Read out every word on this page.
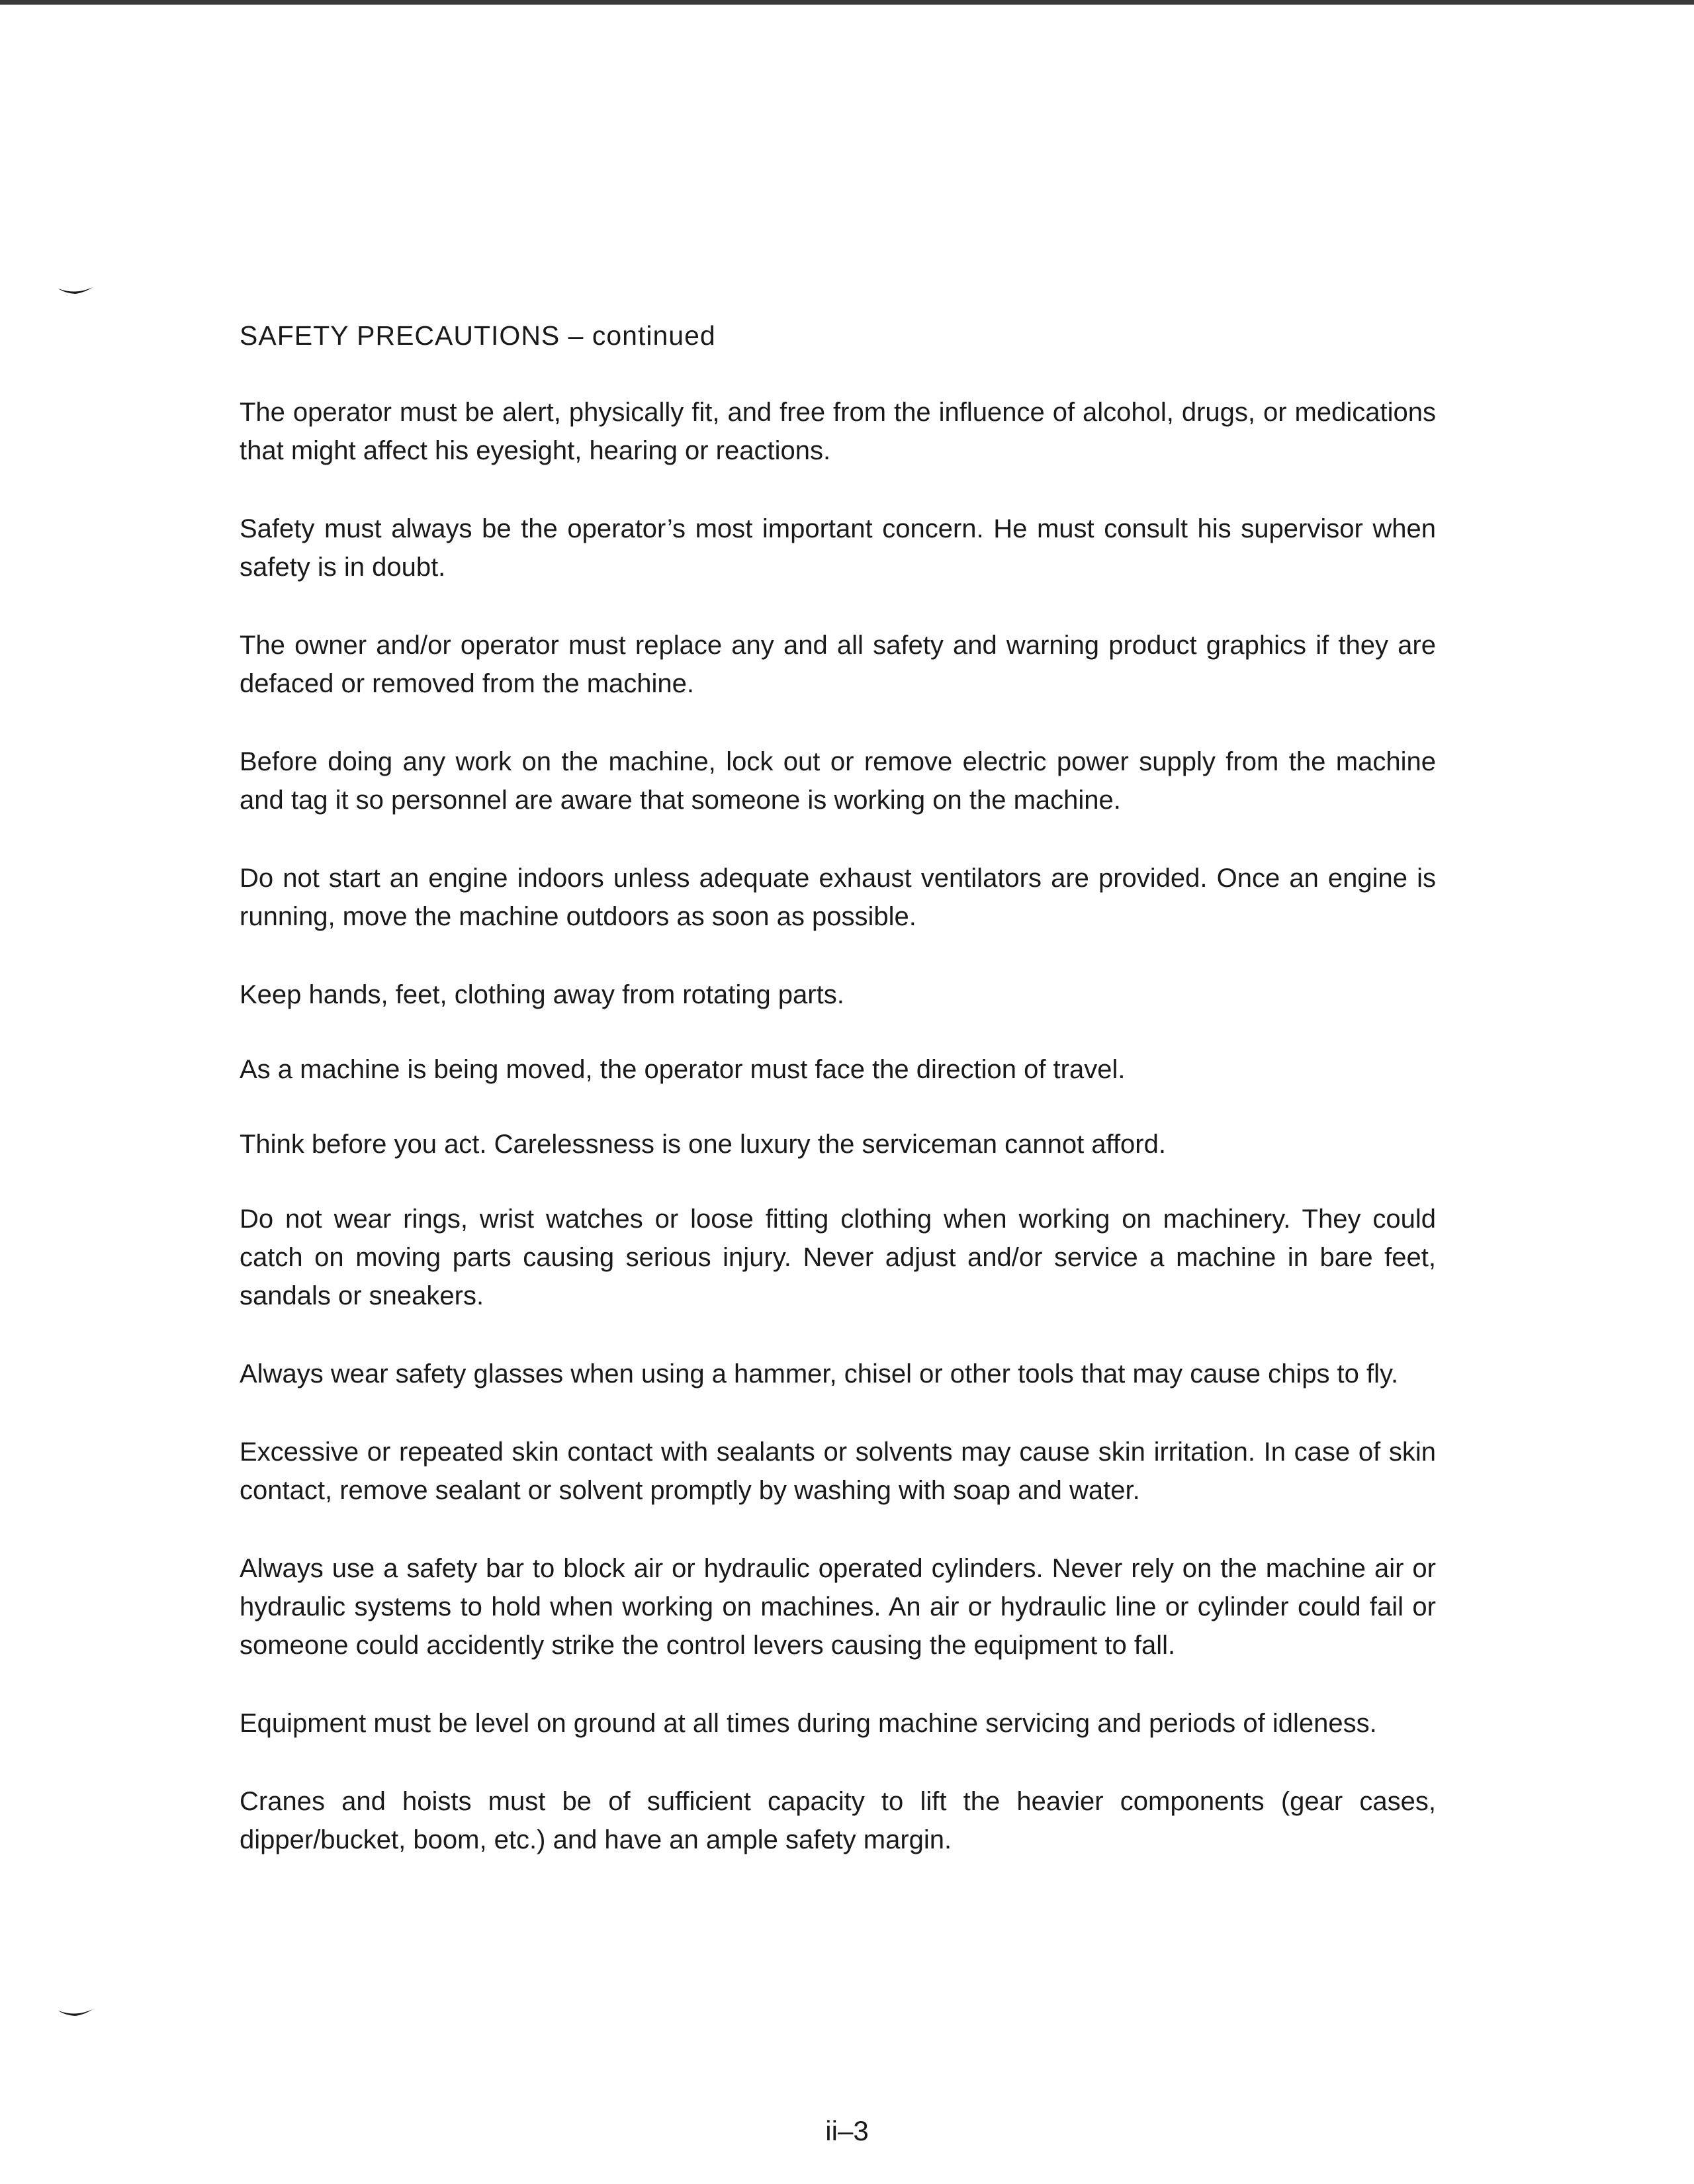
SAFETY PRECAUTIONS – continued

The operator must be alert, physically fit, and free from the influence of alcohol, drugs, or medications that might affect his eyesight, hearing or reactions.

Safety must always be the operator’s most important concern. He must consult his supervisor when safety is in doubt.

The owner and/or operator must replace any and all safety and warning product graphics if they are defaced or removed from the machine.

Before doing any work on the machine, lock out or remove electric power supply from the machine and tag it so personnel are aware that someone is working on the machine.

Do not start an engine indoors unless adequate exhaust ventilators are provided. Once an engine is running, move the machine outdoors as soon as possible.

Keep hands, feet, clothing away from rotating parts.

As a machine is being moved, the operator must face the direction of travel.

Think before you act. Carelessness is one luxury the serviceman cannot afford.

Do not wear rings, wrist watches or loose fitting clothing when working on machinery. They could catch on moving parts causing serious injury. Never adjust and/or service a machine in bare feet, sandals or sneakers.

Always wear safety glasses when using a hammer, chisel or other tools that may cause chips to fly.

Excessive or repeated skin contact with sealants or solvents may cause skin irritation. In case of skin contact, remove sealant or solvent promptly by washing with soap and water.

Always use a safety bar to block air or hydraulic operated cylinders. Never rely on the machine air or hydraulic systems to hold when working on machines. An air or hydraulic line or cylinder could fail or someone could accidently strike the control levers causing the equipment to fall.

Equipment must be level on ground at all times during machine servicing and periods of idleness.

Cranes and hoists must be of sufficient capacity to lift the heavier components (gear cases, dipper/bucket, boom, etc.) and have an ample safety margin.

ii–3
